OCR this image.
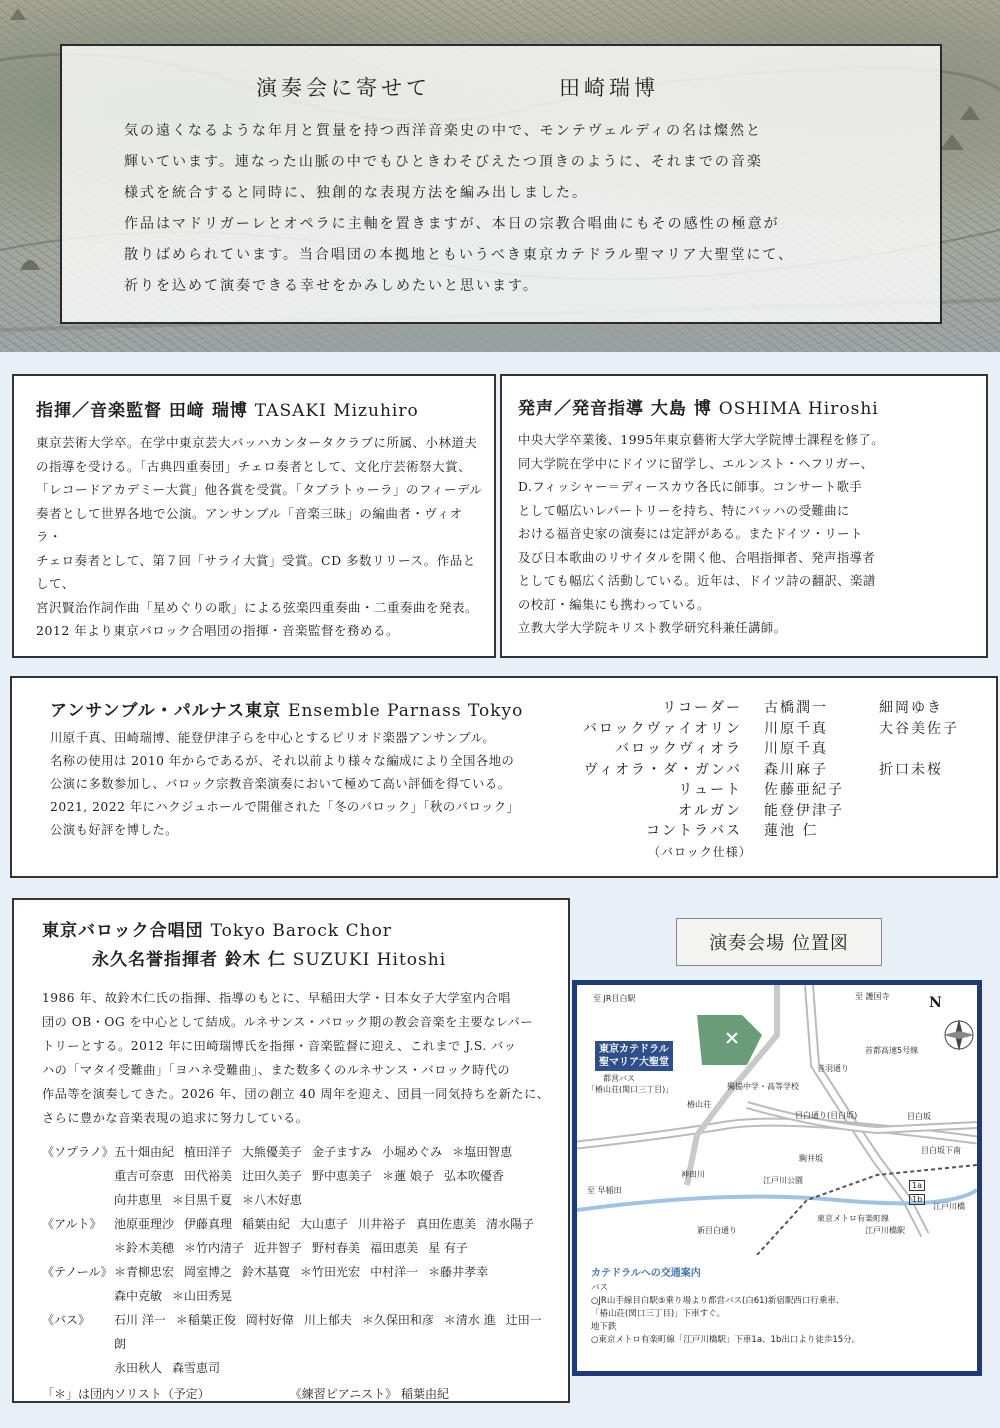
演奏会に寄せて	田崎瑞博

気の遠くなるような年月と質量を持つ西洋音楽史の中で、モンテヴェルディの名は燦然と

輝いています。連なった山脈の中でもひときわそびえたつ頂きのように、それまでの音楽

様式を統合すると同時に、独創的な表現方法を編み出しました。

作品はマドリガーレとオペラに主軸を置きますが、本日の宗教合唱曲にもその感性の極意が

散りばめられています。当合唱団の本拠地ともいうべき東京カテドラル聖マリア大聖堂にて、

祈りを込めて演奏できる幸せをかみしめたいと思います。

指揮／音楽監督 田﨑 瑞博 TASAKI Mizuhiro
東京芸術大学卒。在学中東京芸大バッハカンタータクラブに所属、小林道夫
の指導を受ける。「古典四重奏団」チェロ奏者として、文化庁芸術祭大賞、
「レコードアカデミー大賞」他各賞を受賞。「タブラトゥーラ」のフィーデル
奏者として世界各地で公演。アンサンブル「音楽三昧」の編曲者・ヴィオラ・
チェロ奏者として、第７回「サライ大賞」受賞。CD 多数リリース。作品として、
宮沢賢治作詞作曲「星めぐりの歌」による弦楽四重奏曲・二重奏曲を発表。
2012 年より東京バロック合唱団の指揮・音楽監督を務める。
発声／発音指導 大島 博 OSHIMA Hiroshi
中央大学卒業後、1995年東京藝術大学大学院博士課程を修了。
同大学院在学中にドイツに留学し、エルンスト・ヘフリガー、
D.フィッシャー＝ディースカウ各氏に師事。コンサート歌手
として幅広いレパートリーを持ち、特にバッハの受難曲に
おける福音史家の演奏には定評がある。またドイツ・リート
及び日本歌曲のリサイタルを開く他、合唱指揮者、発声指導者
としても幅広く活動している。近年は、ドイツ詩の翻訳、楽譜
の校訂・編集にも携わっている。
立教大学大学院キリスト教学研究科兼任講師。
アンサンブル・パルナス東京 Ensemble Parnass Tokyo
川原千真、田崎瑞博、能登伊津子らを中心とするピリオド楽器アンサンブル。
名称の使用は 2010 年からであるが、それ以前より様々な編成により全国各地の
公演に多数参加し、バロック宗教音楽演奏において極めて高い評価を得ている。
2021, 2022 年にハクジュホールで開催された「冬のバロック」「秋のバロック」
公演も好評を博した。
リコーダー	古橋潤一	細岡ゆき
バロックヴァイオリン	川原千真	大谷美佐子
バロックヴィオラ	川原千真
ヴィオラ・ダ・ガンバ	森川麻子	折口未桜
リュート	佐藤亜紀子
オルガン	能登伊津子
コントラバス	蓮池 仁
（バロック仕様）
東京バロック合唱団 Tokyo Barock Chor
永久名誉指揮者 鈴木 仁 SUZUKI Hitoshi
1986 年、故鈴木仁氏の指揮、指導のもとに、早稲田大学・日本女子大学室内合唱
団の OB・OG を中心として結成。ルネサンス・バロック期の教会音楽を主要なレパー
トリーとする。2012 年に田崎瑞博氏を指揮・音楽監督に迎え、これまで J.S. バッ
ハの「マタイ受難曲」「ヨハネ受難曲」、また数多くのルネサンス・バロック時代の
作品等を演奏してきた。2026 年、団の創立 40 周年を迎え、団員一同気持ちを新たに、
さらに豊かな音楽表現の追求に努力している。
《ソプラノ》 五十畑由紀 植田洋子 大熊優美子 金子ますみ 小堀めぐみ ＊塩田智恵
重吉可奈恵 田代裕美 辻田久美子 野中恵美子 ＊蓮 娘子 弘本吹優香
向井恵里 ＊目黒千夏 ＊八木好恵
《アルト》	池原亜理沙 伊藤真理 稲葉由紀 大山恵子 川井裕子 真田佐恵美 清水陽子
＊鈴木美穂 ＊竹内清子 近井智子 野村春美 福田恵美 星 有子
《テノール》 ＊青柳忠宏 岡室博之 鈴木基寛 ＊竹田光宏 中村洋一 ＊藤井孝幸
森中克敏 ＊山田秀晃
《バス》	石川 洋一 ＊稲葉正俊 岡村好偉 川上郁夫 ＊久保田和彦 ＊清水 進 辻田一朗
永田秋人 森雪恵司
「＊」は団内ソリスト（予定）	《練習ピアニスト》 稲葉由紀
演奏会場 位置図
N
東京カテドラル
聖マリア大聖堂
至 JR目白駅	至 護国寺
都営バス
「椿山荘(関口三丁目)」	獨協中学・高等学校
椿山荘
目白坂
目白通り(目白坂)
目白坂下南
至 早稲田
江戸川公園
神田川
新目白通り
東京メトロ有楽町線
江戸川橋駅
江戸川橋
音羽通り
首都高速5号線
駒井坂
1a
1b
カテドラルへの交通案内
バス
○JR山手線目白駅⑤乗り場より都営バス(白61)新宿駅西口行乗車、
「椿山荘(関口三丁目)」下車すぐ。
地下鉄
○東京メトロ有楽町線「江戸川橋駅」下車1a、1b出口より徒歩15分。
